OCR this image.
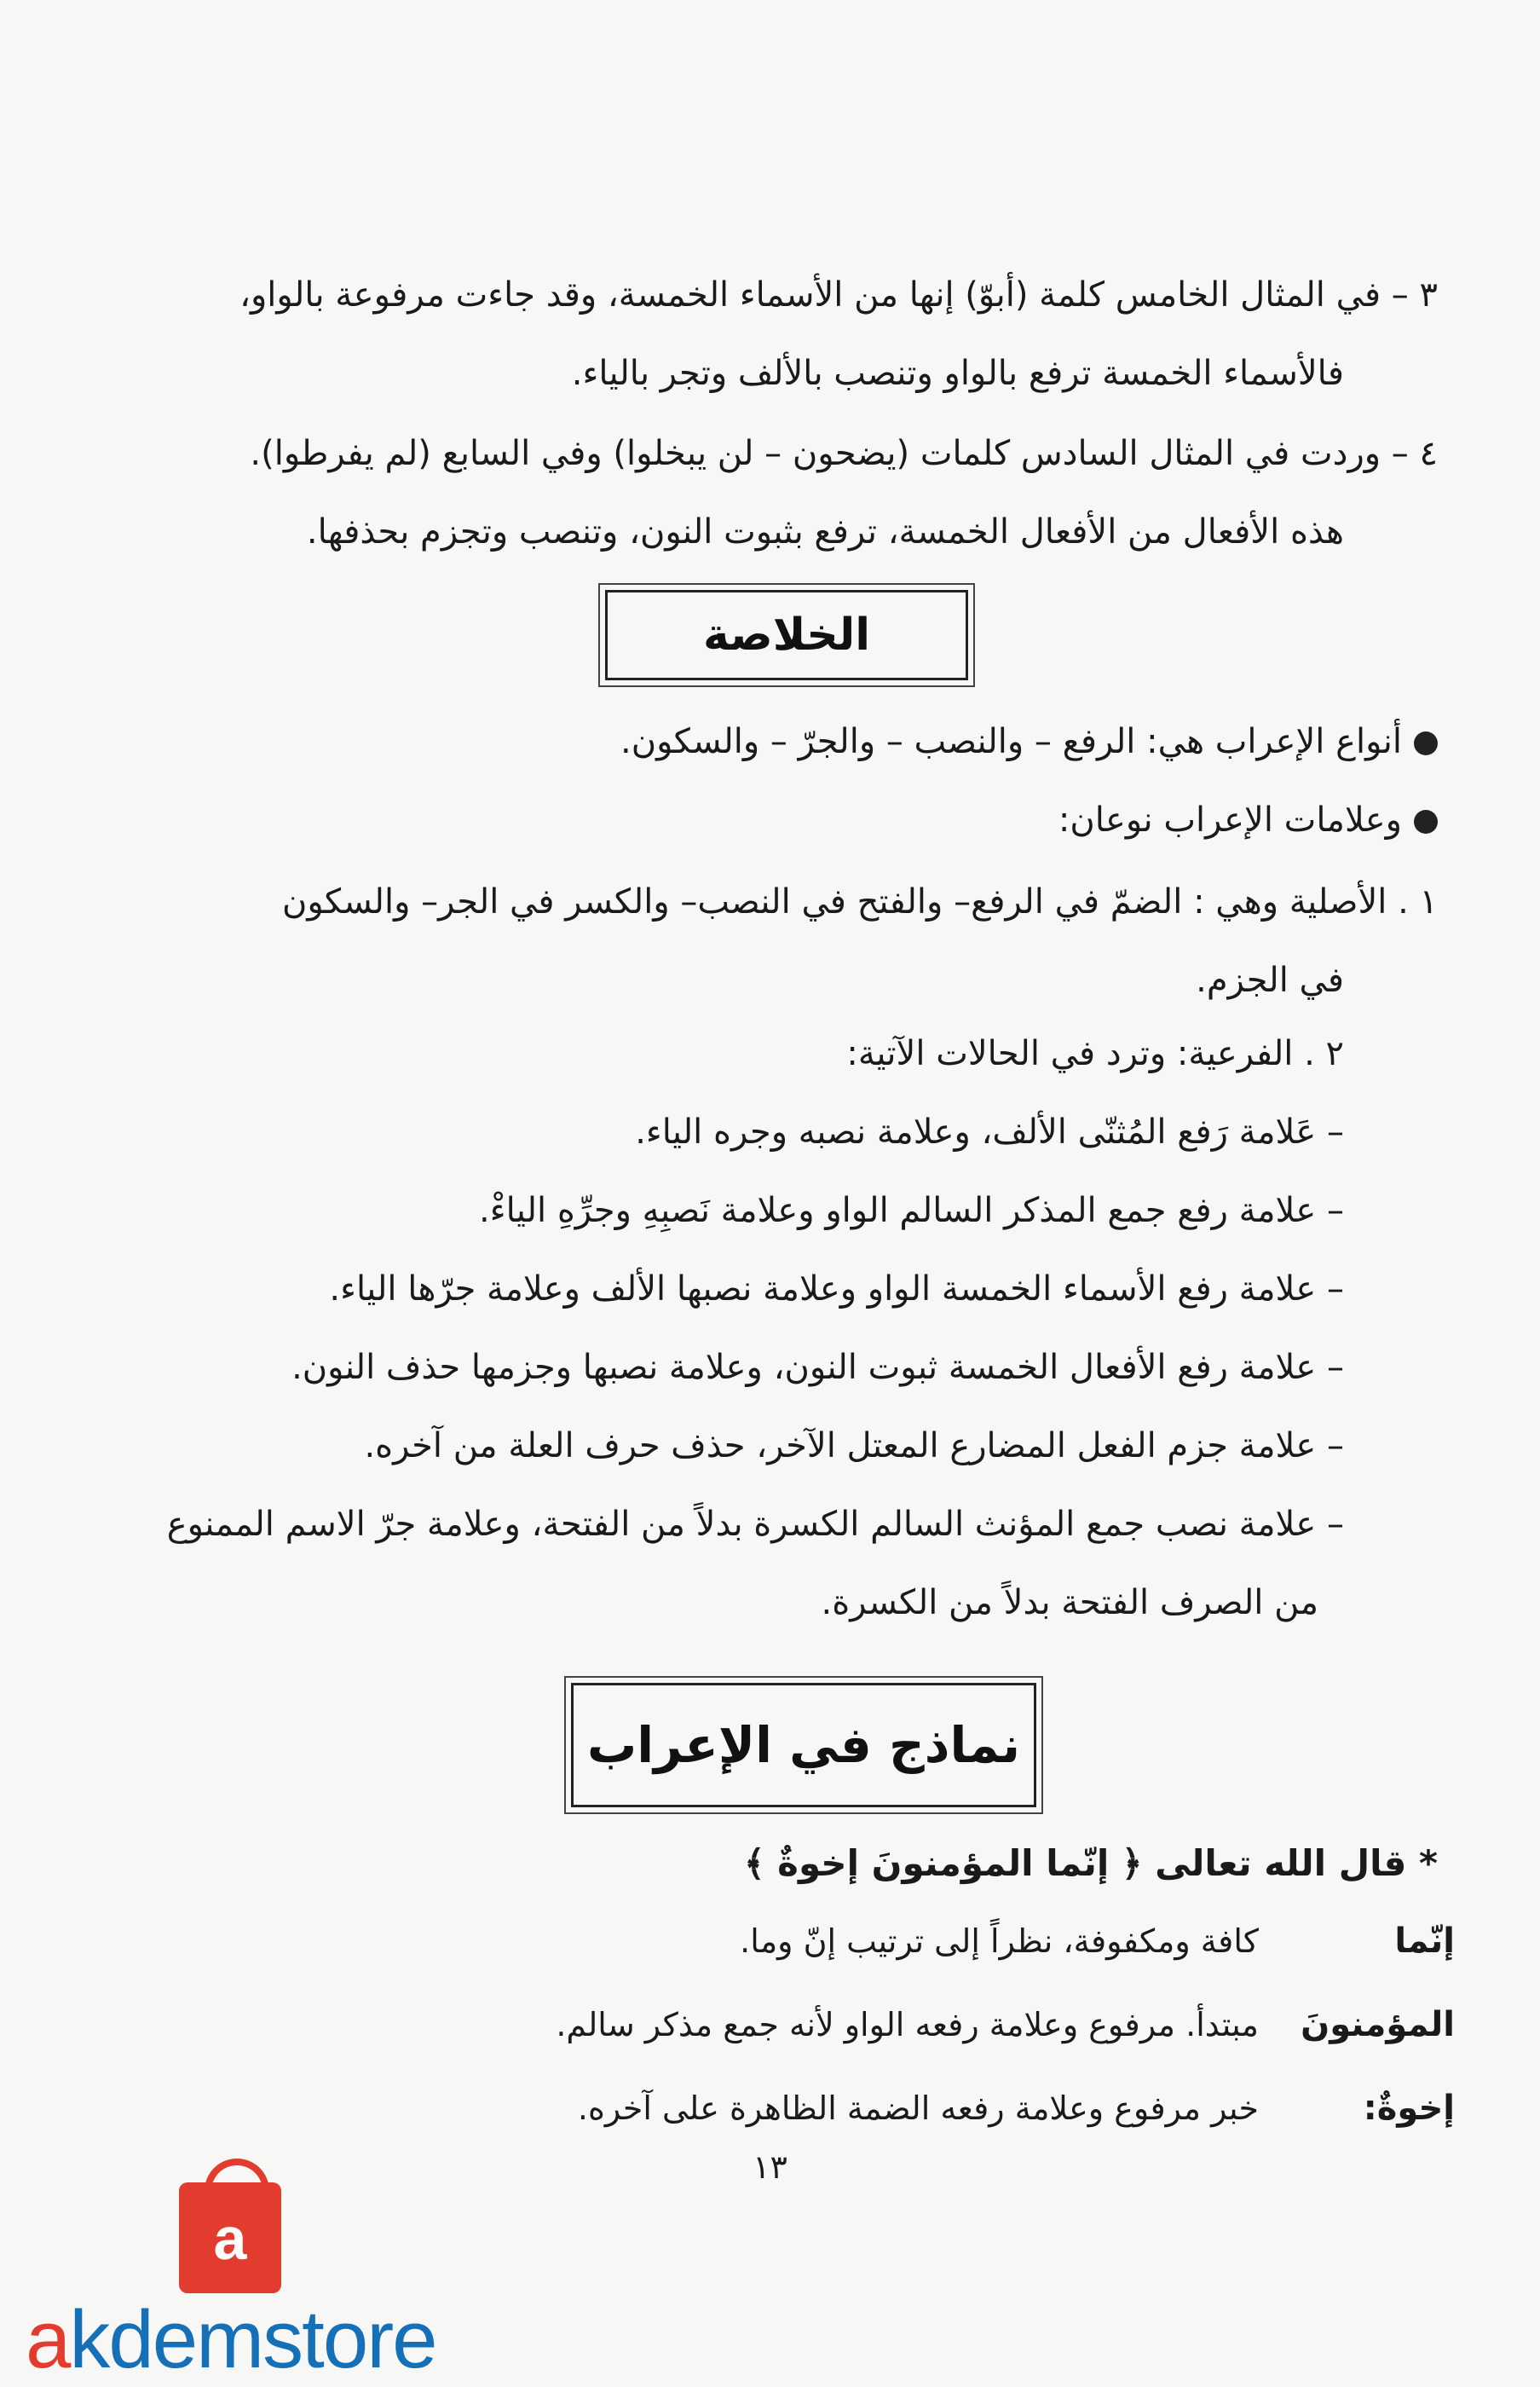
٣ – في المثال الخامس كلمة (أبوّ) إنها من الأسماء الخمسة، وقد جاءت مرفوعة بالواو،
فالأسماء الخمسة ترفع بالواو وتنصب بالألف وتجر بالياء.
٤ – وردت في المثال السادس كلمات (يضحون – لن يبخلوا) وفي السابع (لم يفرطوا).
هذه الأفعال من الأفعال الخمسة، ترفع بثبوت النون، وتنصب وتجزم بحذفها.
الخلاصة
أنواع الإعراب هي: الرفع – والنصب – والجرّ – والسكون.
وعلامات الإعراب نوعان:
١ . الأصلية وهي : الضمّ في الرفع– والفتح في النصب– والكسر في الجر– والسكون
في الجزم.
٢ . الفرعية: وترد في الحالات الآتية:
– عَلامة رَفع المُثنّى الألف، وعلامة نصبه وجره الياء.
– علامة رفع جمع المذكر السالم الواو وعلامة نَصبِهِ وجرِّهِ الياءْ.
– علامة رفع الأسماء الخمسة الواو وعلامة نصبها الألف وعلامة جرّها الياء.
– علامة رفع الأفعال الخمسة ثبوت النون، وعلامة نصبها وجزمها حذف النون.
– علامة جزم الفعل المضارع المعتل الآخر، حذف حرف العلة من آخره.
– علامة نصب جمع المؤنث السالم الكسرة بدلاً من الفتحة، وعلامة جرّ الاسم الممنوع
من الصرف الفتحة بدلاً من الكسرة.
نماذج في الإعراب
* قال الله تعالى ﴿ إنّما المؤمنونَ إخوةٌ ﴾
إنّما
كافة ومكفوفة، نظراً إلى ترتيب إنّ وما.
المؤمنونَ
مبتدأ. مرفوع وعلامة رفعه الواو لأنه جمع مذكر سالم.
إخوةٌ:
خبر مرفوع وعلامة رفعه الضمة الظاهرة على آخره.
١٣
a
akdemstore
